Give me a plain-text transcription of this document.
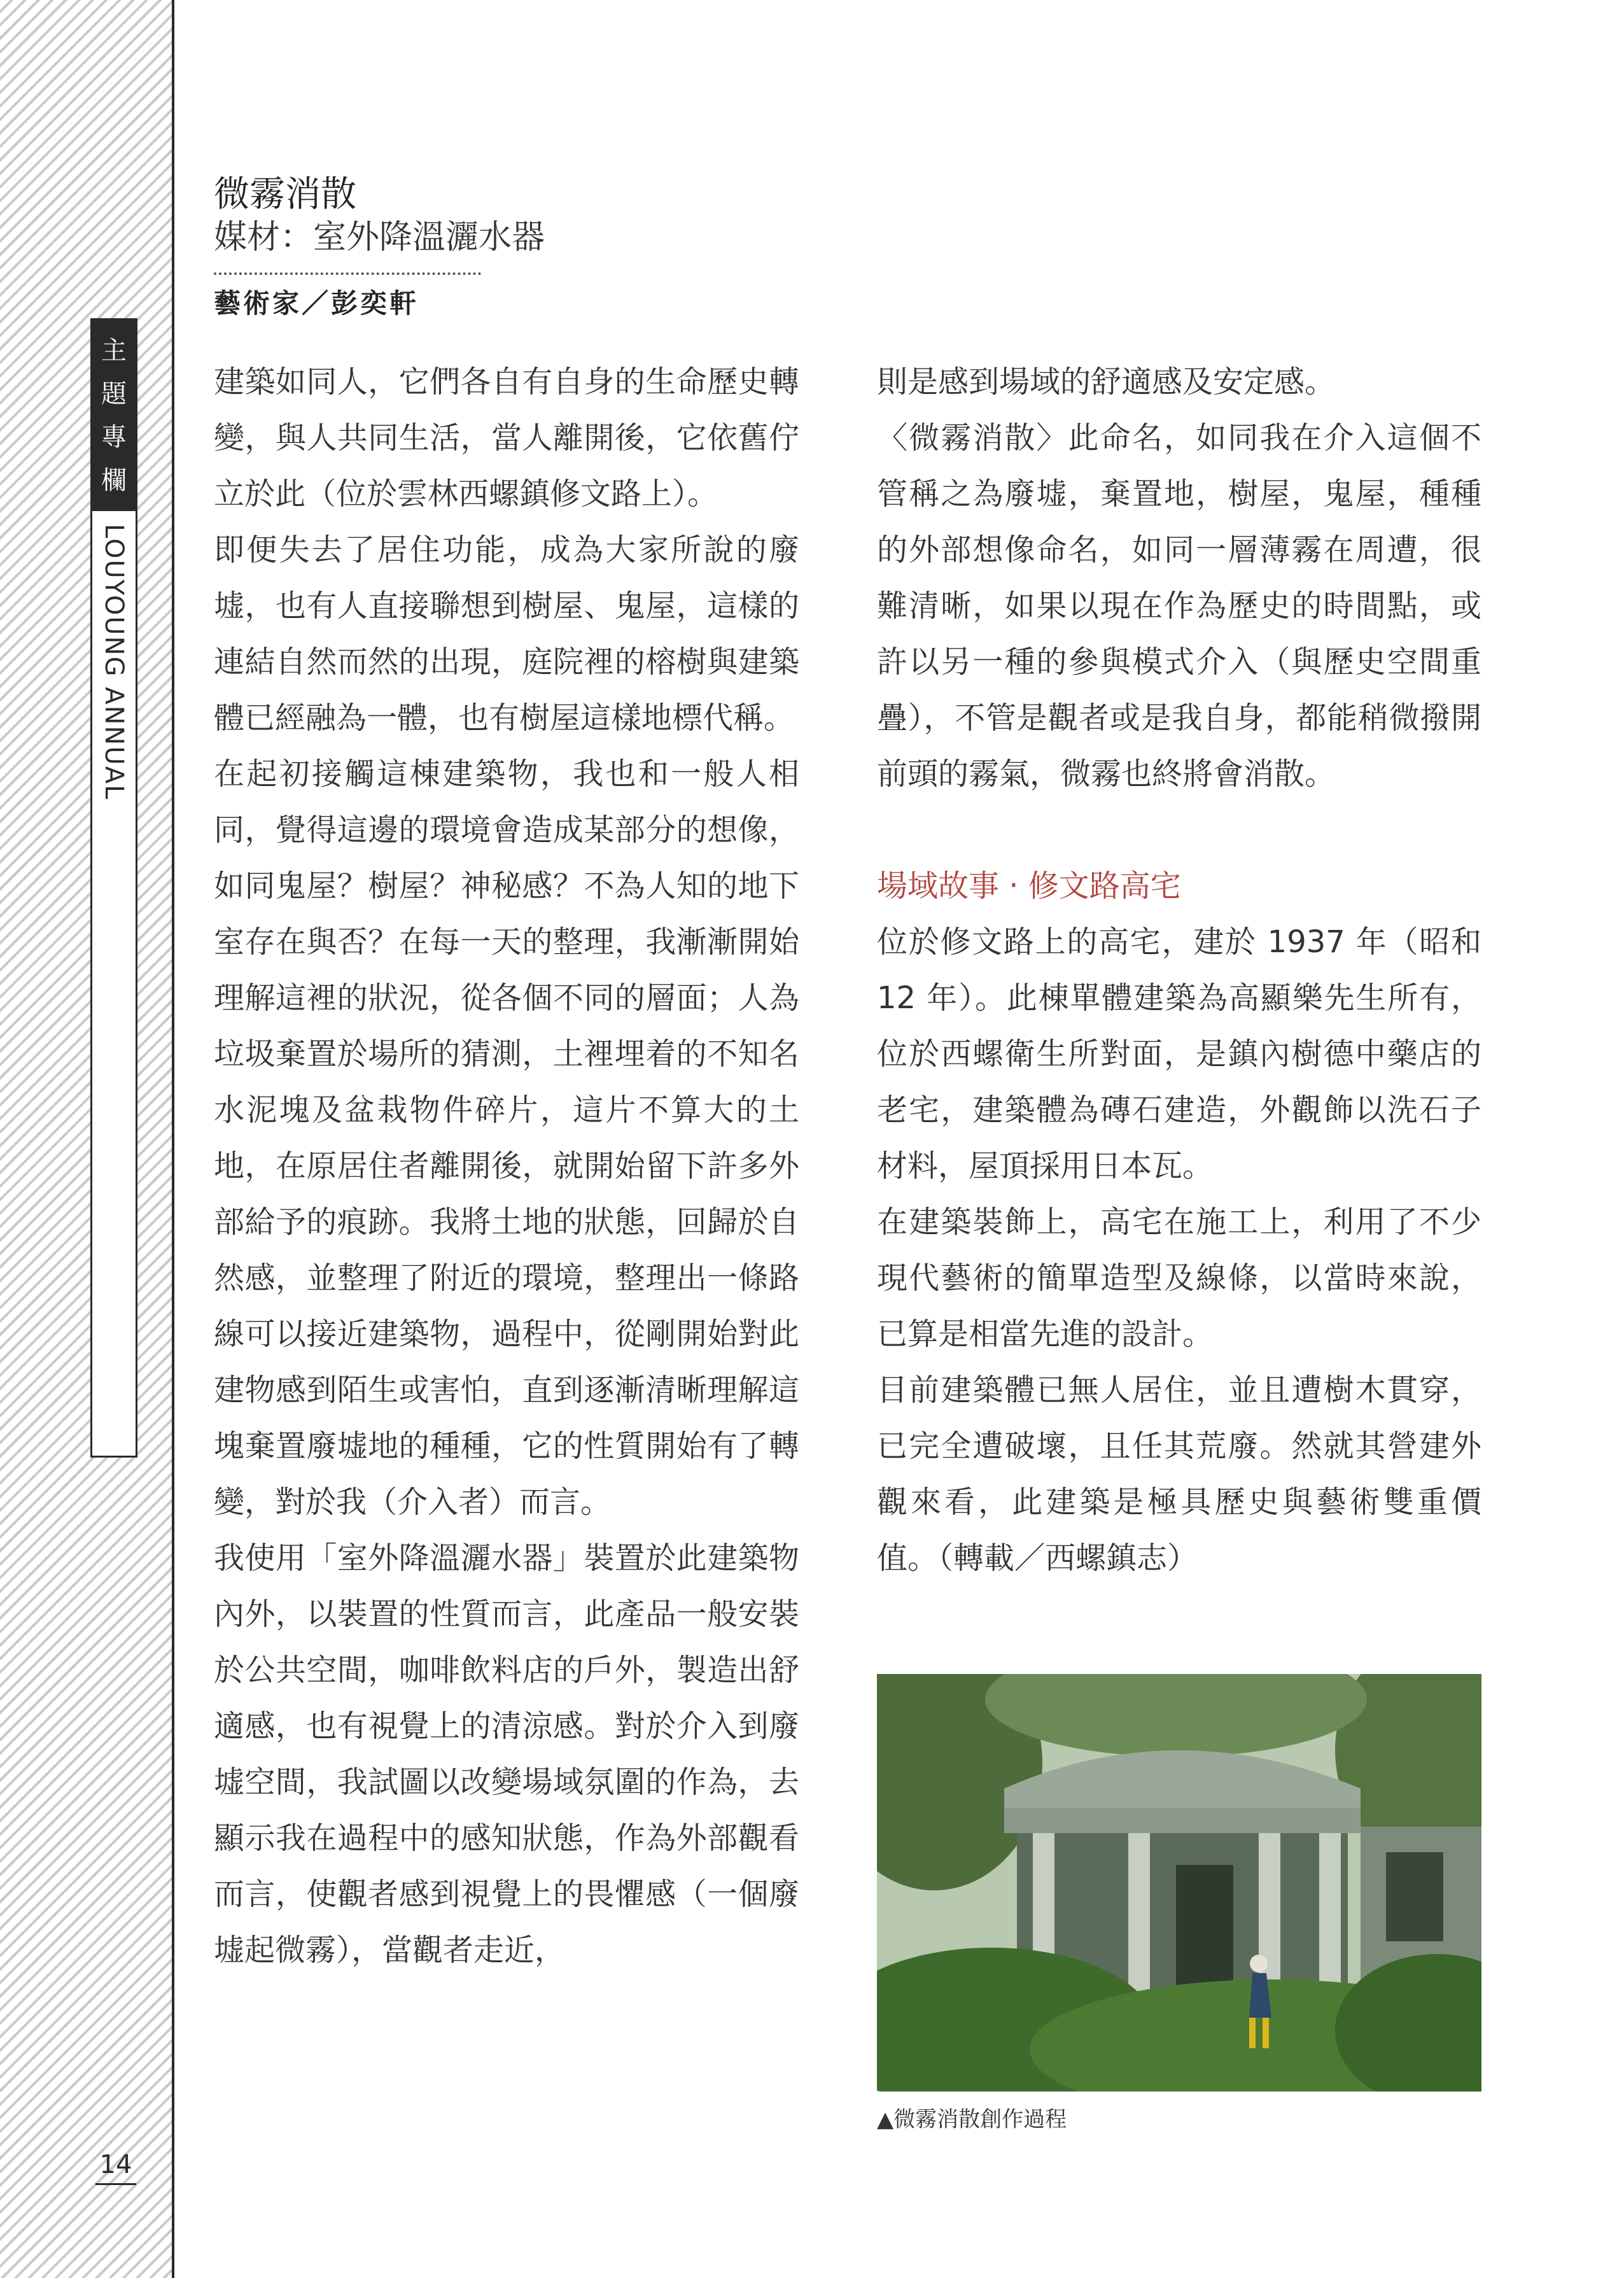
主
題
專
欄
LOUYOUNG ANNUAL
14
微霧消散
媒材：室外降溫灑水器
藝術家／彭奕軒

建築如同人，它們各自有自身的生命歷史轉變，與人共同生活，當人離開後，它依舊佇立於此（位於雲林西螺鎮修文路上）。

即便失去了居住功能，成為大家所說的廢墟，也有人直接聯想到樹屋、鬼屋，這樣的連結自然而然的出現，庭院裡的榕樹與建築體已經融為一體，也有樹屋這樣地標代稱。

在起初接觸這棟建築物，我也和一般人相同，覺得這邊的環境會造成某部分的想像，如同鬼屋？樹屋？神秘感？不為人知的地下室存在與否？在每一天的整理，我漸漸開始理解這裡的狀況，從各個不同的層面；人為垃圾棄置於場所的猜測，土裡埋着的不知名水泥塊及盆栽物件碎片，這片不算大的土地，在原居住者離開後，就開始留下許多外部給予的痕跡。我將土地的狀態，回歸於自然感，並整理了附近的環境，整理出一條路線可以接近建築物，過程中，從剛開始對此建物感到陌生或害怕，直到逐漸清晰理解這塊棄置廢墟地的種種，它的性質開始有了轉變，對於我（介入者）而言。

我使用「室外降溫灑水器」裝置於此建築物內外，以裝置的性質而言，此產品一般安裝於公共空間，咖啡飲料店的戶外，製造出舒適感，也有視覺上的清涼感。對於介入到廢墟空間，我試圖以改變場域氛圍的作為，去顯示我在過程中的感知狀態，作為外部觀看而言，使觀者感到視覺上的畏懼感（一個廢墟起微霧），當觀者走近，

則是感到場域的舒適感及安定感。

〈微霧消散〉此命名，如同我在介入這個不管稱之為廢墟，棄置地，樹屋，鬼屋，種種的外部想像命名，如同一層薄霧在周遭，很難清晰，如果以現在作為歷史的時間點，或許以另一種的參與模式介入（與歷史空間重疊），不管是觀者或是我自身，都能稍微撥開前頭的霧氣，微霧也終將會消散。

場域故事 ‧ 修文路高宅

位於修文路上的高宅，建於 1937 年（昭和 12 年）。此棟單體建築為高顯樂先生所有，位於西螺衛生所對面，是鎮內樹德中藥店的老宅，建築體為磚石建造，外觀飾以洗石子材料，屋頂採用日本瓦。

在建築裝飾上，高宅在施工上，利用了不少現代藝術的簡單造型及線條，以當時來說，已算是相當先進的設計。

目前建築體已無人居住，並且遭樹木貫穿，已完全遭破壞，且任其荒廢。然就其營建外觀來看，此建築是極具歷史與藝術雙重價值。（轉載／西螺鎮志）

▲微霧消散創作過程
